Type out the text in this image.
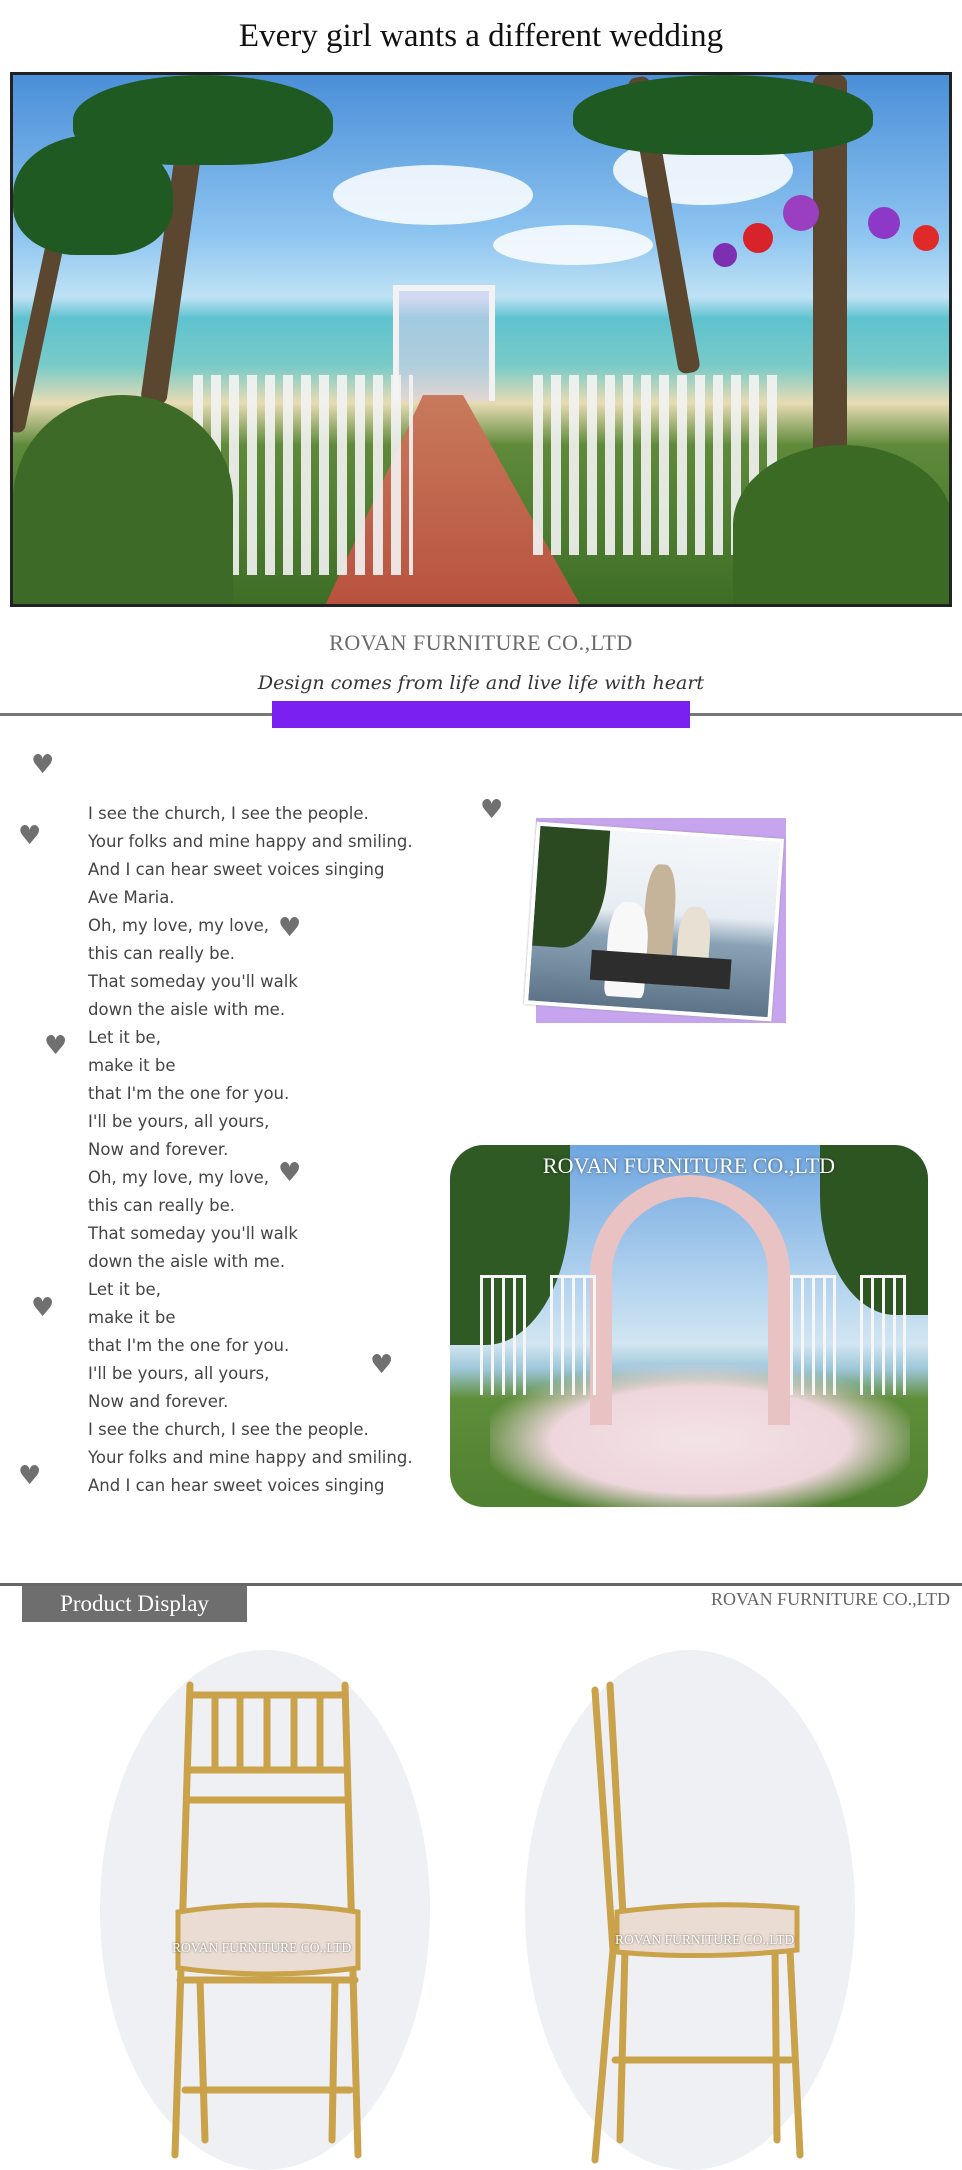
Every girl wants a different wedding
ROVAN FURNITURE CO.,LTD
Design comes from life and live life with heart
♥
♥
♥
♥
♥
♥
♥
♥
♥
I see the church, I see the people.
Your folks and mine happy and smiling.
And I can hear sweet voices singing
Ave Maria.
Oh, my love, my love,
this can really be.
That someday you'll walk
down the aisle with me.
Let it be,
make it be
that I'm the one for you.
I'll be yours, all yours,
Now and forever.
Oh, my love, my love,
this can really be.
That someday you'll walk
down the aisle with me.
Let it be,
make it be
that I'm the one for you.
I'll be yours, all yours,
Now and forever.
I see the church, I see the people.
Your folks and mine happy and smiling.
And I can hear sweet voices singing
ROVAN FURNITURE CO.,LTD
Product Display	ROVAN FURNITURE CO.,LTD
ROVAN FURNITURE CO.,LTD
ROVAN FURNITURE CO.,LTD
